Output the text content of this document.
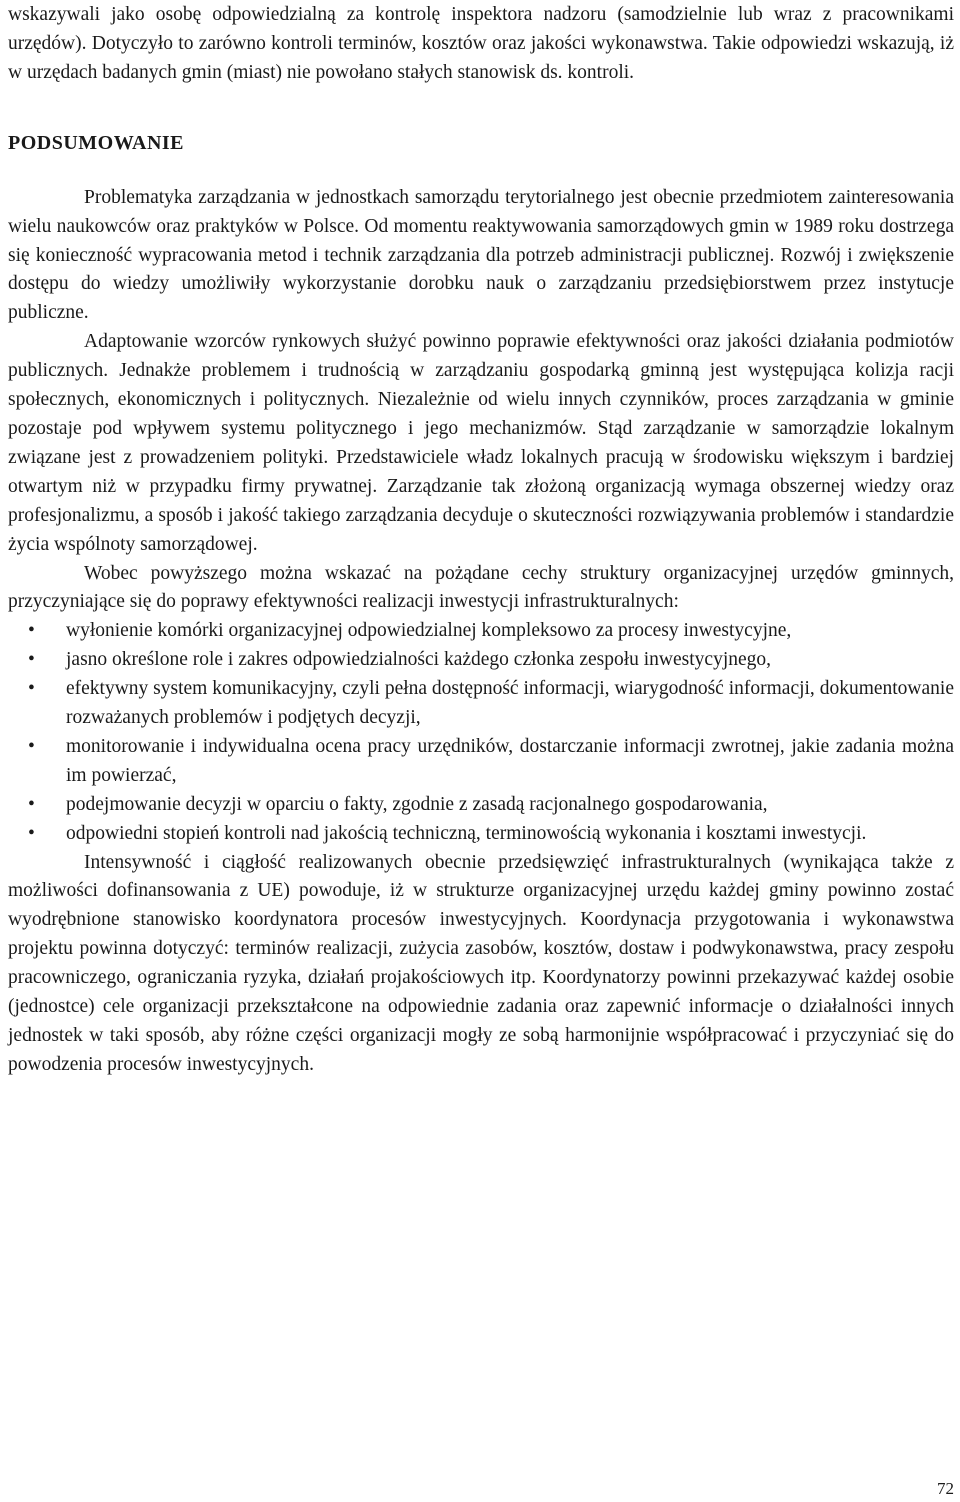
wskazywali jako osobę odpowiedzialną za kontrolę inspektora nadzoru (samodzielnie lub wraz z pracownikami urzędów). Dotyczyło to zarówno kontroli terminów, kosztów oraz jakości wykonawstwa. Takie odpowiedzi wskazują, iż w urzędach badanych gmin (miast) nie powołano stałych stanowisk ds. kontroli.

PODSUMOWANIE

Problematyka zarządzania w jednostkach samorządu terytorialnego jest obecnie przedmiotem zainteresowania wielu naukowców oraz praktyków w Polsce. Od momentu reaktywowania samorządowych gmin w 1989 roku dostrzega się konieczność wypracowania metod i technik zarządzania dla potrzeb administracji publicznej. Rozwój i zwiększenie dostępu do wiedzy umożliwiły wykorzystanie dorobku nauk o zarządzaniu przedsiębiorstwem przez instytucje publiczne.

Adaptowanie wzorców rynkowych służyć powinno poprawie efektywności oraz jakości działania podmiotów publicznych. Jednakże problemem i trudnością w zarządzaniu gospodarką gminną jest występująca kolizja racji społecznych, ekonomicznych i politycznych. Niezależnie od wielu innych czynników, proces zarządzania w gminie pozostaje pod wpływem systemu politycznego i jego mechanizmów. Stąd zarządzanie w samorządzie lokalnym związane jest z prowadzeniem polityki. Przedstawiciele władz lokalnych pracują w środowisku większym i bardziej otwartym niż w przypadku firmy prywatnej. Zarządzanie tak złożoną organizacją wymaga obszernej wiedzy oraz profesjonalizmu, a sposób i jakość takiego zarządzania decyduje o skuteczności rozwiązywania problemów i standardzie życia wspólnoty samorządowej.

Wobec powyższego można wskazać na pożądane cechy struktury organizacyjnej urzędów gminnych, przyczyniające się do poprawy efektywności realizacji inwestycji infrastrukturalnych:

• wyłonienie komórki organizacyjnej odpowiedzialnej kompleksowo za procesy inwestycyjne,
• jasno określone role i zakres odpowiedzialności każdego członka zespołu inwestycyjnego,
• efektywny system komunikacyjny, czyli pełna dostępność informacji, wiarygodność informacji, dokumentowanie rozważanych problemów i podjętych decyzji,
• monitorowanie i indywidualna ocena pracy urzędników, dostarczanie informacji zwrotnej, jakie zadania można im powierzać,
• podejmowanie decyzji w oparciu o fakty, zgodnie z zasadą racjonalnego gospodarowania,
• odpowiedni stopień kontroli nad jakością techniczną, terminowością wykonania i kosztami inwestycji.

Intensywność i ciągłość realizowanych obecnie przedsięwzięć infrastrukturalnych (wynikająca także z możliwości dofinansowania z UE) powoduje, iż w strukturze organizacyjnej urzędu każdej gminy powinno zostać wyodrębnione stanowisko koordynatora procesów inwestycyjnych. Koordynacja przygotowania i wykonawstwa projektu powinna dotyczyć: terminów realizacji, zużycia zasobów, kosztów, dostaw i podwykonawstwa, pracy zespołu pracowniczego, ograniczania ryzyka, działań projakościowych itp. Koordynatorzy powinni przekazywać każdej osobie (jednostce) cele organizacji przekształcone na odpowiednie zadania oraz zapewnić informacje o działalności innych jednostek w taki sposób, aby różne części organizacji mogły ze sobą harmonijnie współpracować i przyczyniać się do powodzenia procesów inwestycyjnych.

72
